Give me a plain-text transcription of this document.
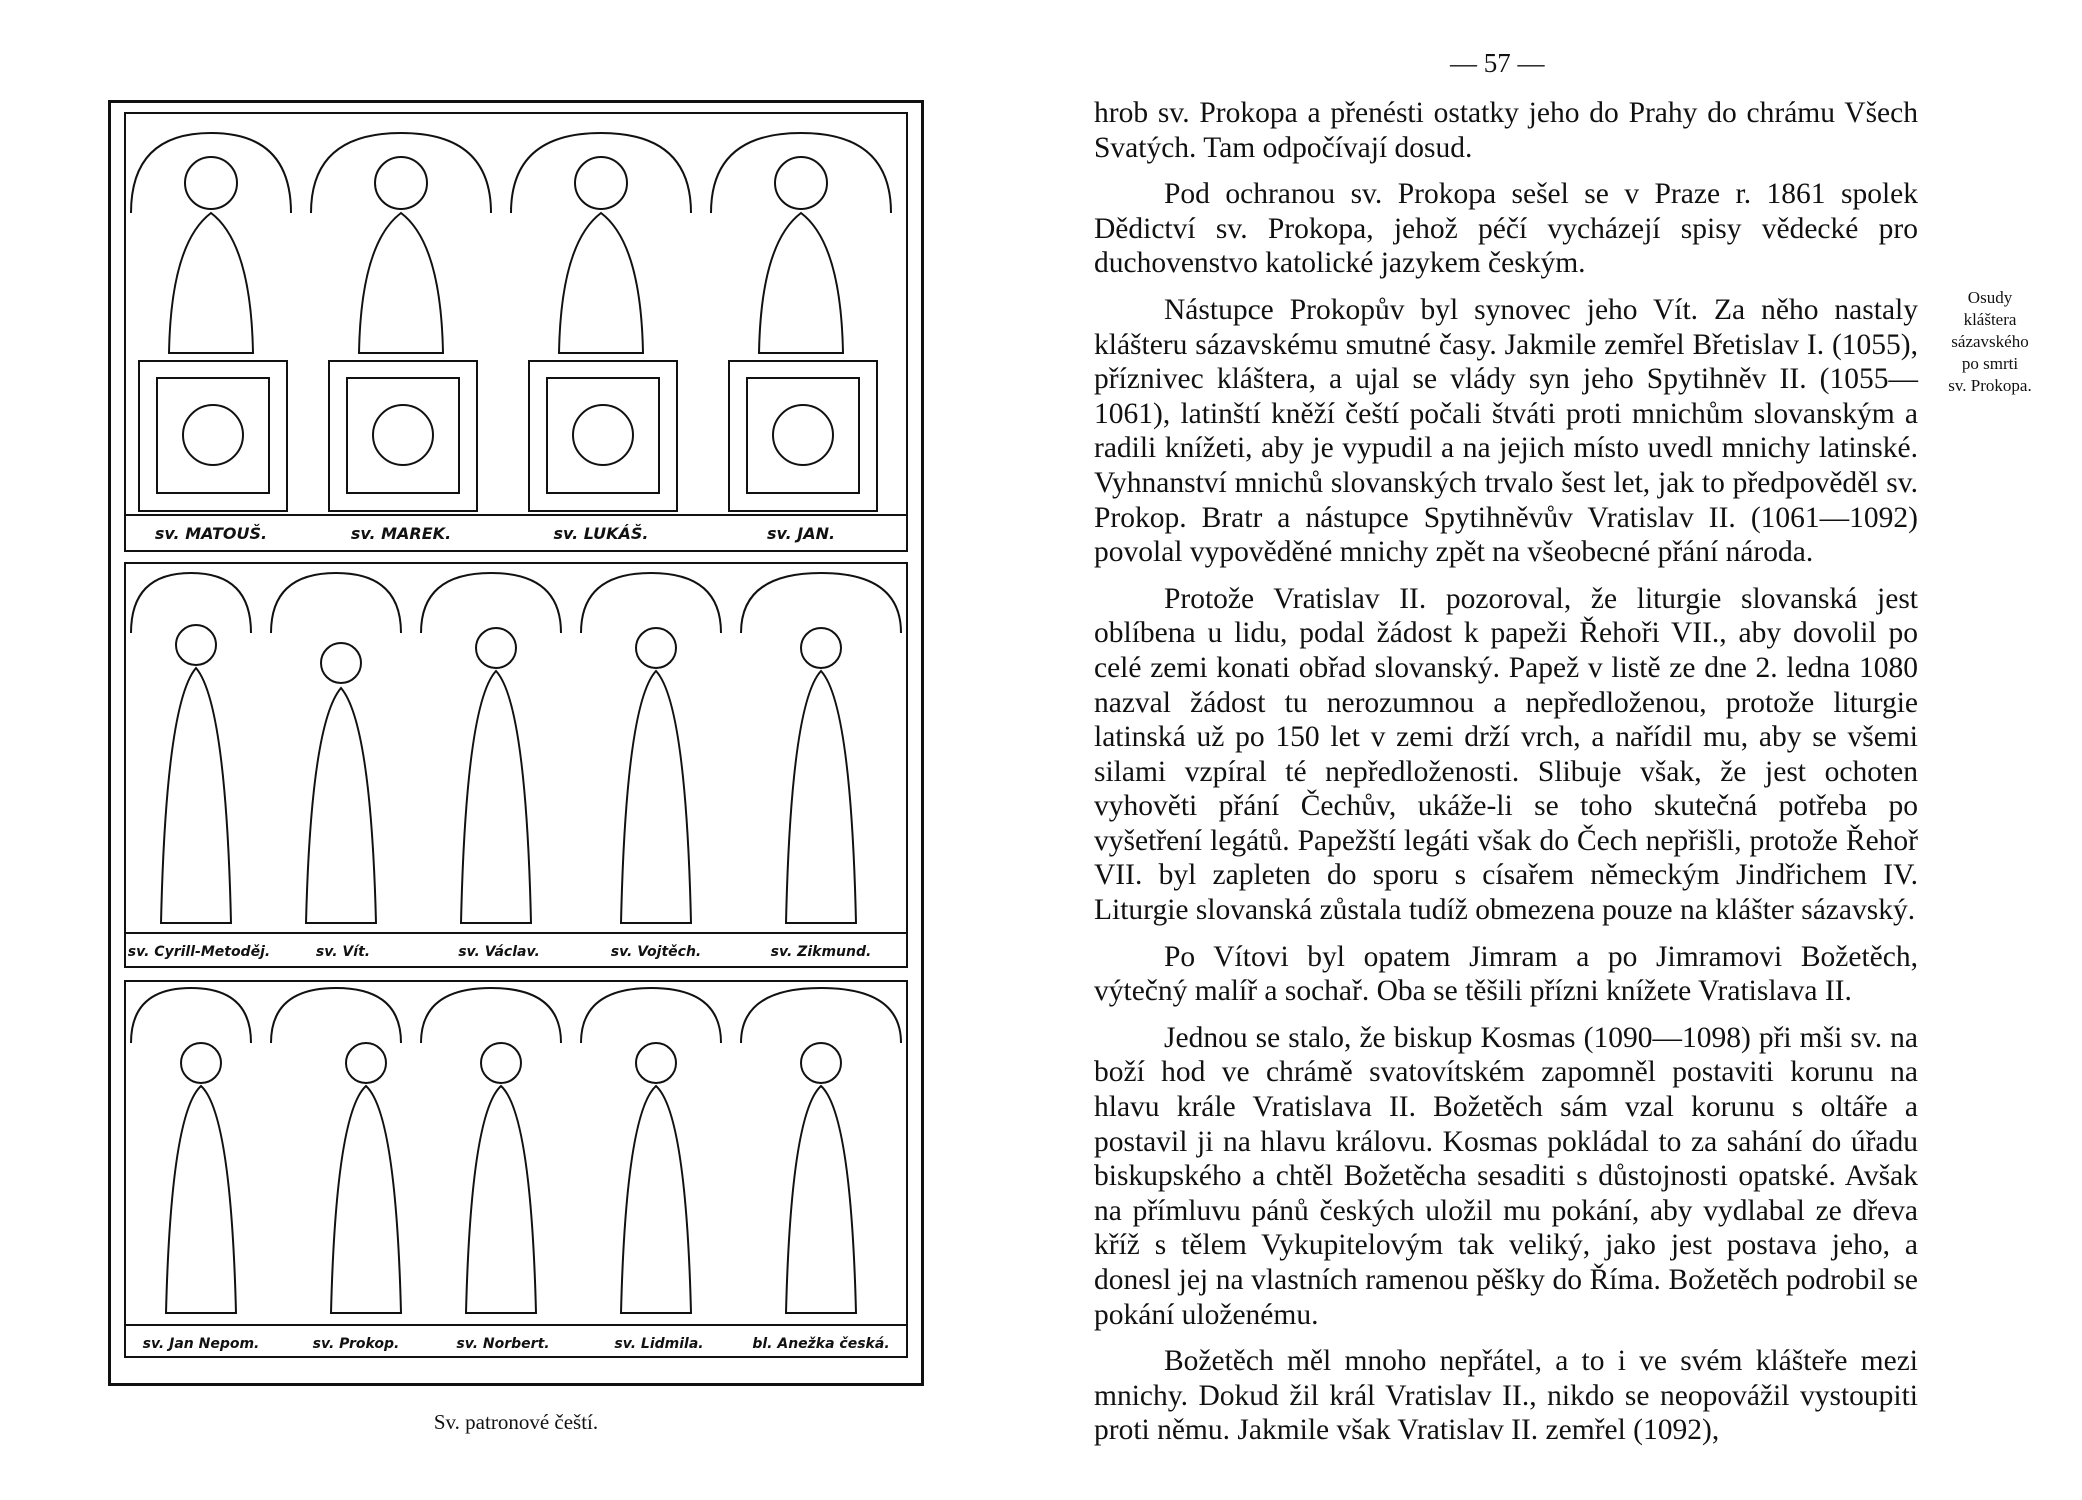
— 57 —
sv. MATOUŠ.	sv. MAREK.	sv. LUKÁŠ.	sv. JAN.
sv. Cyrill-Metoděj.	sv. Vít.	sv. Václav.	sv. Vojtěch.	sv. Zikmund.
sv. Jan Nepom.	sv. Prokop.	sv. Norbert.	sv. Lidmila.	bl. Anežka česká.
Sv. patronové čeští.
Osudy
kláštera
sázavského
po smrti
sv. Prokopa.

hrob sv. Prokopa a přenésti ostatky jeho do Prahy do chrámu Všech Svatých. Tam odpočívají dosud.

Pod ochranou sv. Prokopa sešel se v Praze r. 1861 spolek Dědictví sv. Prokopa, jehož péčí vycházejí spisy vědecké pro duchovenstvo katolické jazykem českým.

Nástupce Prokopův byl synovec jeho Vít. Za něho nastaly klášteru sázavskému smutné časy. Jakmile zemřel Břetislav I. (1055), příznivec kláštera, a ujal se vlády syn jeho Spytihněv II. (1055—1061), latinští kněží čeští počali štváti proti mnichům slovanským a radili knížeti, aby je vypudil a na jejich místo uvedl mnichy latinské. Vyhnanství mnichů slovanských trvalo šest let, jak to předpověděl sv. Prokop. Bratr a nástupce Spytihněvův Vratislav II. (1061—1092) povolal vypověděné mnichy zpět na všeobecné přání národa.

Protože Vratislav II. pozoroval, že liturgie slovanská jest oblíbena u lidu, podal žádost k papeži Řehoři VII., aby dovolil po celé zemi konati obřad slovanský. Papež v listě ze dne 2. ledna 1080 nazval žádost tu nerozumnou a nepředloženou, protože liturgie latinská už po 150 let v zemi drží vrch, a nařídil mu, aby se všemi silami vzpíral té nepředloženosti. Slibuje však, že jest ochoten vyhověti přání Čechův, ukáže-li se toho skutečná potřeba po vyšetření legátů. Papežští legáti však do Čech nepřišli, protože Řehoř VII. byl zapleten do sporu s císařem německým Jindřichem IV. Liturgie slovanská zůstala tudíž obmezena pouze na klášter sázavský.

Po Vítovi byl opatem Jimram a po Jimramovi Božetěch, výtečný malíř a sochař. Oba se těšili přízni knížete Vratislava II.

Jednou se stalo, že biskup Kosmas (1090—1098) při mši sv. na boží hod ve chrámě svatovítském zapomněl postaviti korunu na hlavu krále Vratislava II. Božetěch sám vzal korunu s oltáře a postavil ji na hlavu královu. Kosmas pokládal to za sahání do úřadu biskupského a chtěl Božetěcha sesaditi s důstojnosti opatské. Avšak na přímluvu pánů českých uložil mu pokání, aby vydlabal ze dřeva kříž s tělem Vykupitelovým tak veliký, jako jest postava jeho, a donesl jej na vlastních ramenou pěšky do Říma. Božetěch podrobil se pokání uloženému.

Božetěch měl mnoho nepřátel, a to i ve svém klášteře mezi mnichy. Dokud žil král Vratislav II., nikdo se neopovážil vystoupiti proti němu. Jakmile však Vratislav II. zemřel (1092),
